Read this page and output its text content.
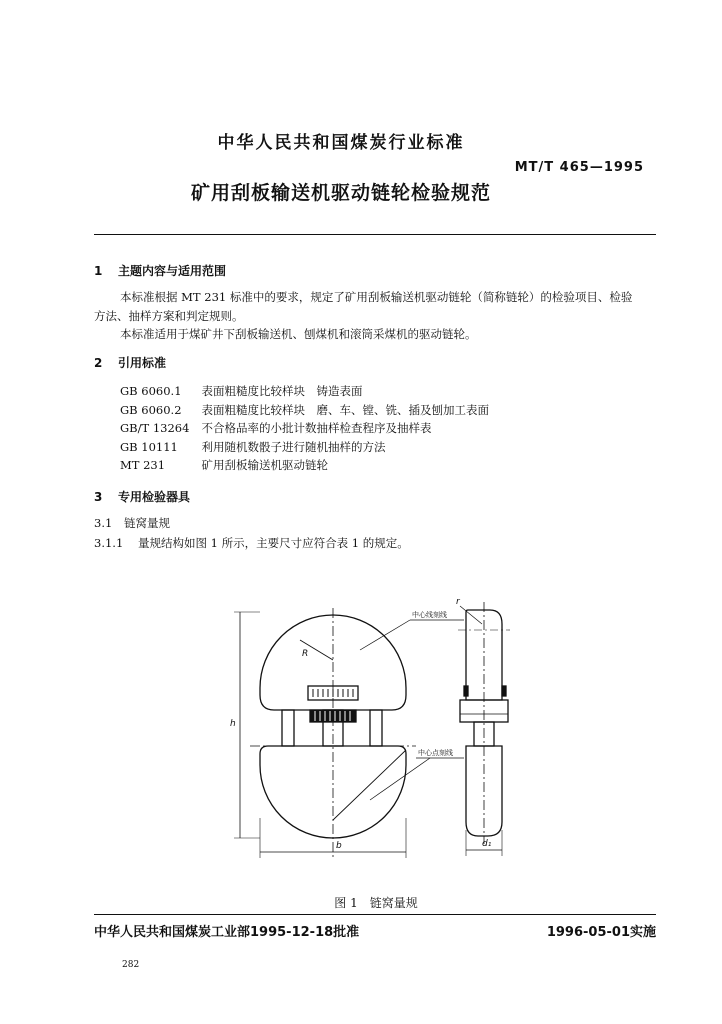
中华人民共和国煤炭行业标准
MT/T 465—1995
矿用刮板输送机驱动链轮检验规范
1 主题内容与适用范围
本标准根据 MT 231 标准中的要求，规定了矿用刮板输送机驱动链轮（简称链轮）的检验项目、检验
方法、抽样方案和判定规则。
本标准适用于煤矿井下刮板输送机、刨煤机和滚筒采煤机的驱动链轮。
2 引用标准
GB 6060.1　 表面粗糙度比较样块　铸造表面
GB 6060.2　 表面粗糙度比较样块　磨、车、镗、铣、插及刨加工表面
GB/T 13264　 不合格品率的小批计数抽样检查程序及抽样表
GB 10111　 利用随机数骰子进行随机抽样的方法
MT 231　	矿用刮板输送机驱动链轮
3 专用检验器具
3.1 链窝量规
3.1.1 量规结构如图 1 所示，主要尺寸应符合表 1 的规定。
R
h
b
r
d₁
中心线刻线
中心点刻线
图 1　链窝量规
中华人民共和国煤炭工业部1995-12-18批准	1996-05-01实施
282
